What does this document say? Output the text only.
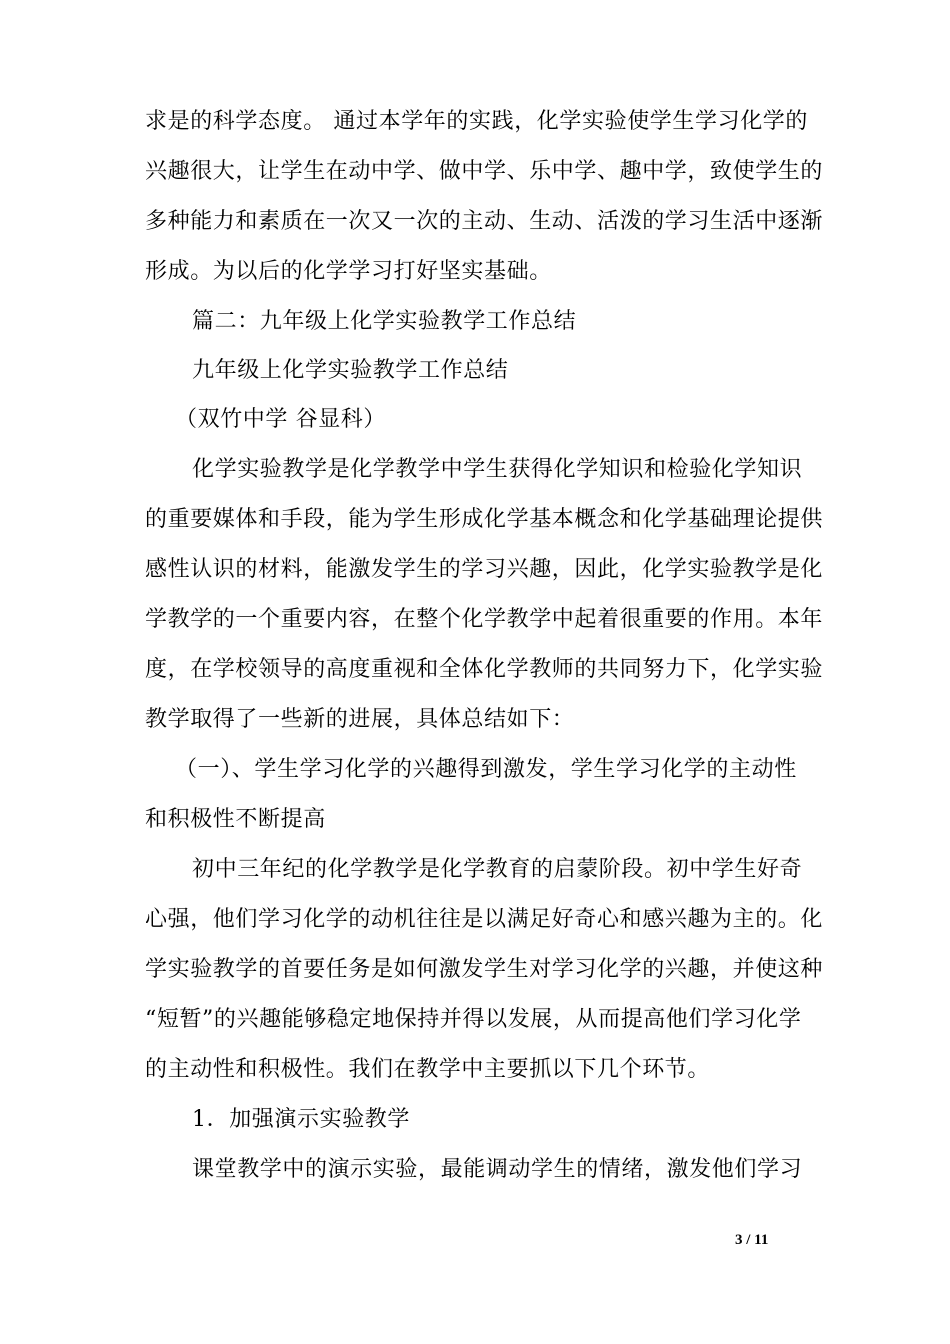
求是的科学态度。 通过本学年的实践，化学实验使学生学习化学的
兴趣很大，让学生在动中学、做中学、乐中学、趣中学，致使学生的
多种能力和素质在一次又一次的主动、生动、活泼的学习生活中逐渐
形成。为以后的化学学习打好坚实基础。
篇二：九年级上化学实验教学工作总结
九年级上化学实验教学工作总结
（双竹中学 谷显科）
化学实验教学是化学教学中学生获得化学知识和检验化学知识
的重要媒体和手段，能为学生形成化学基本概念和化学基础理论提供
感性认识的材料，能激发学生的学习兴趣，因此，化学实验教学是化
学教学的一个重要内容，在整个化学教学中起着很重要的作用。本年
度，在学校领导的高度重视和全体化学教师的共同努力下，化学实验
教学取得了一些新的进展，具体总结如下：
（一）、学生学习化学的兴趣得到激发，学生学习化学的主动性
和积极性不断提高
初中三年纪的化学教学是化学教育的启蒙阶段。初中学生好奇
心强，他们学习化学的动机往往是以满足好奇心和感兴趣为主的。化
学实验教学的首要任务是如何激发学生对学习化学的兴趣，并使这种
“短暂”的兴趣能够稳定地保持并得以发展，从而提高他们学习化学
的主动性和积极性。我们在教学中主要抓以下几个环节。
1．加强演示实验教学
课堂教学中的演示实验，最能调动学生的情绪，激发他们学习
3 / 11
